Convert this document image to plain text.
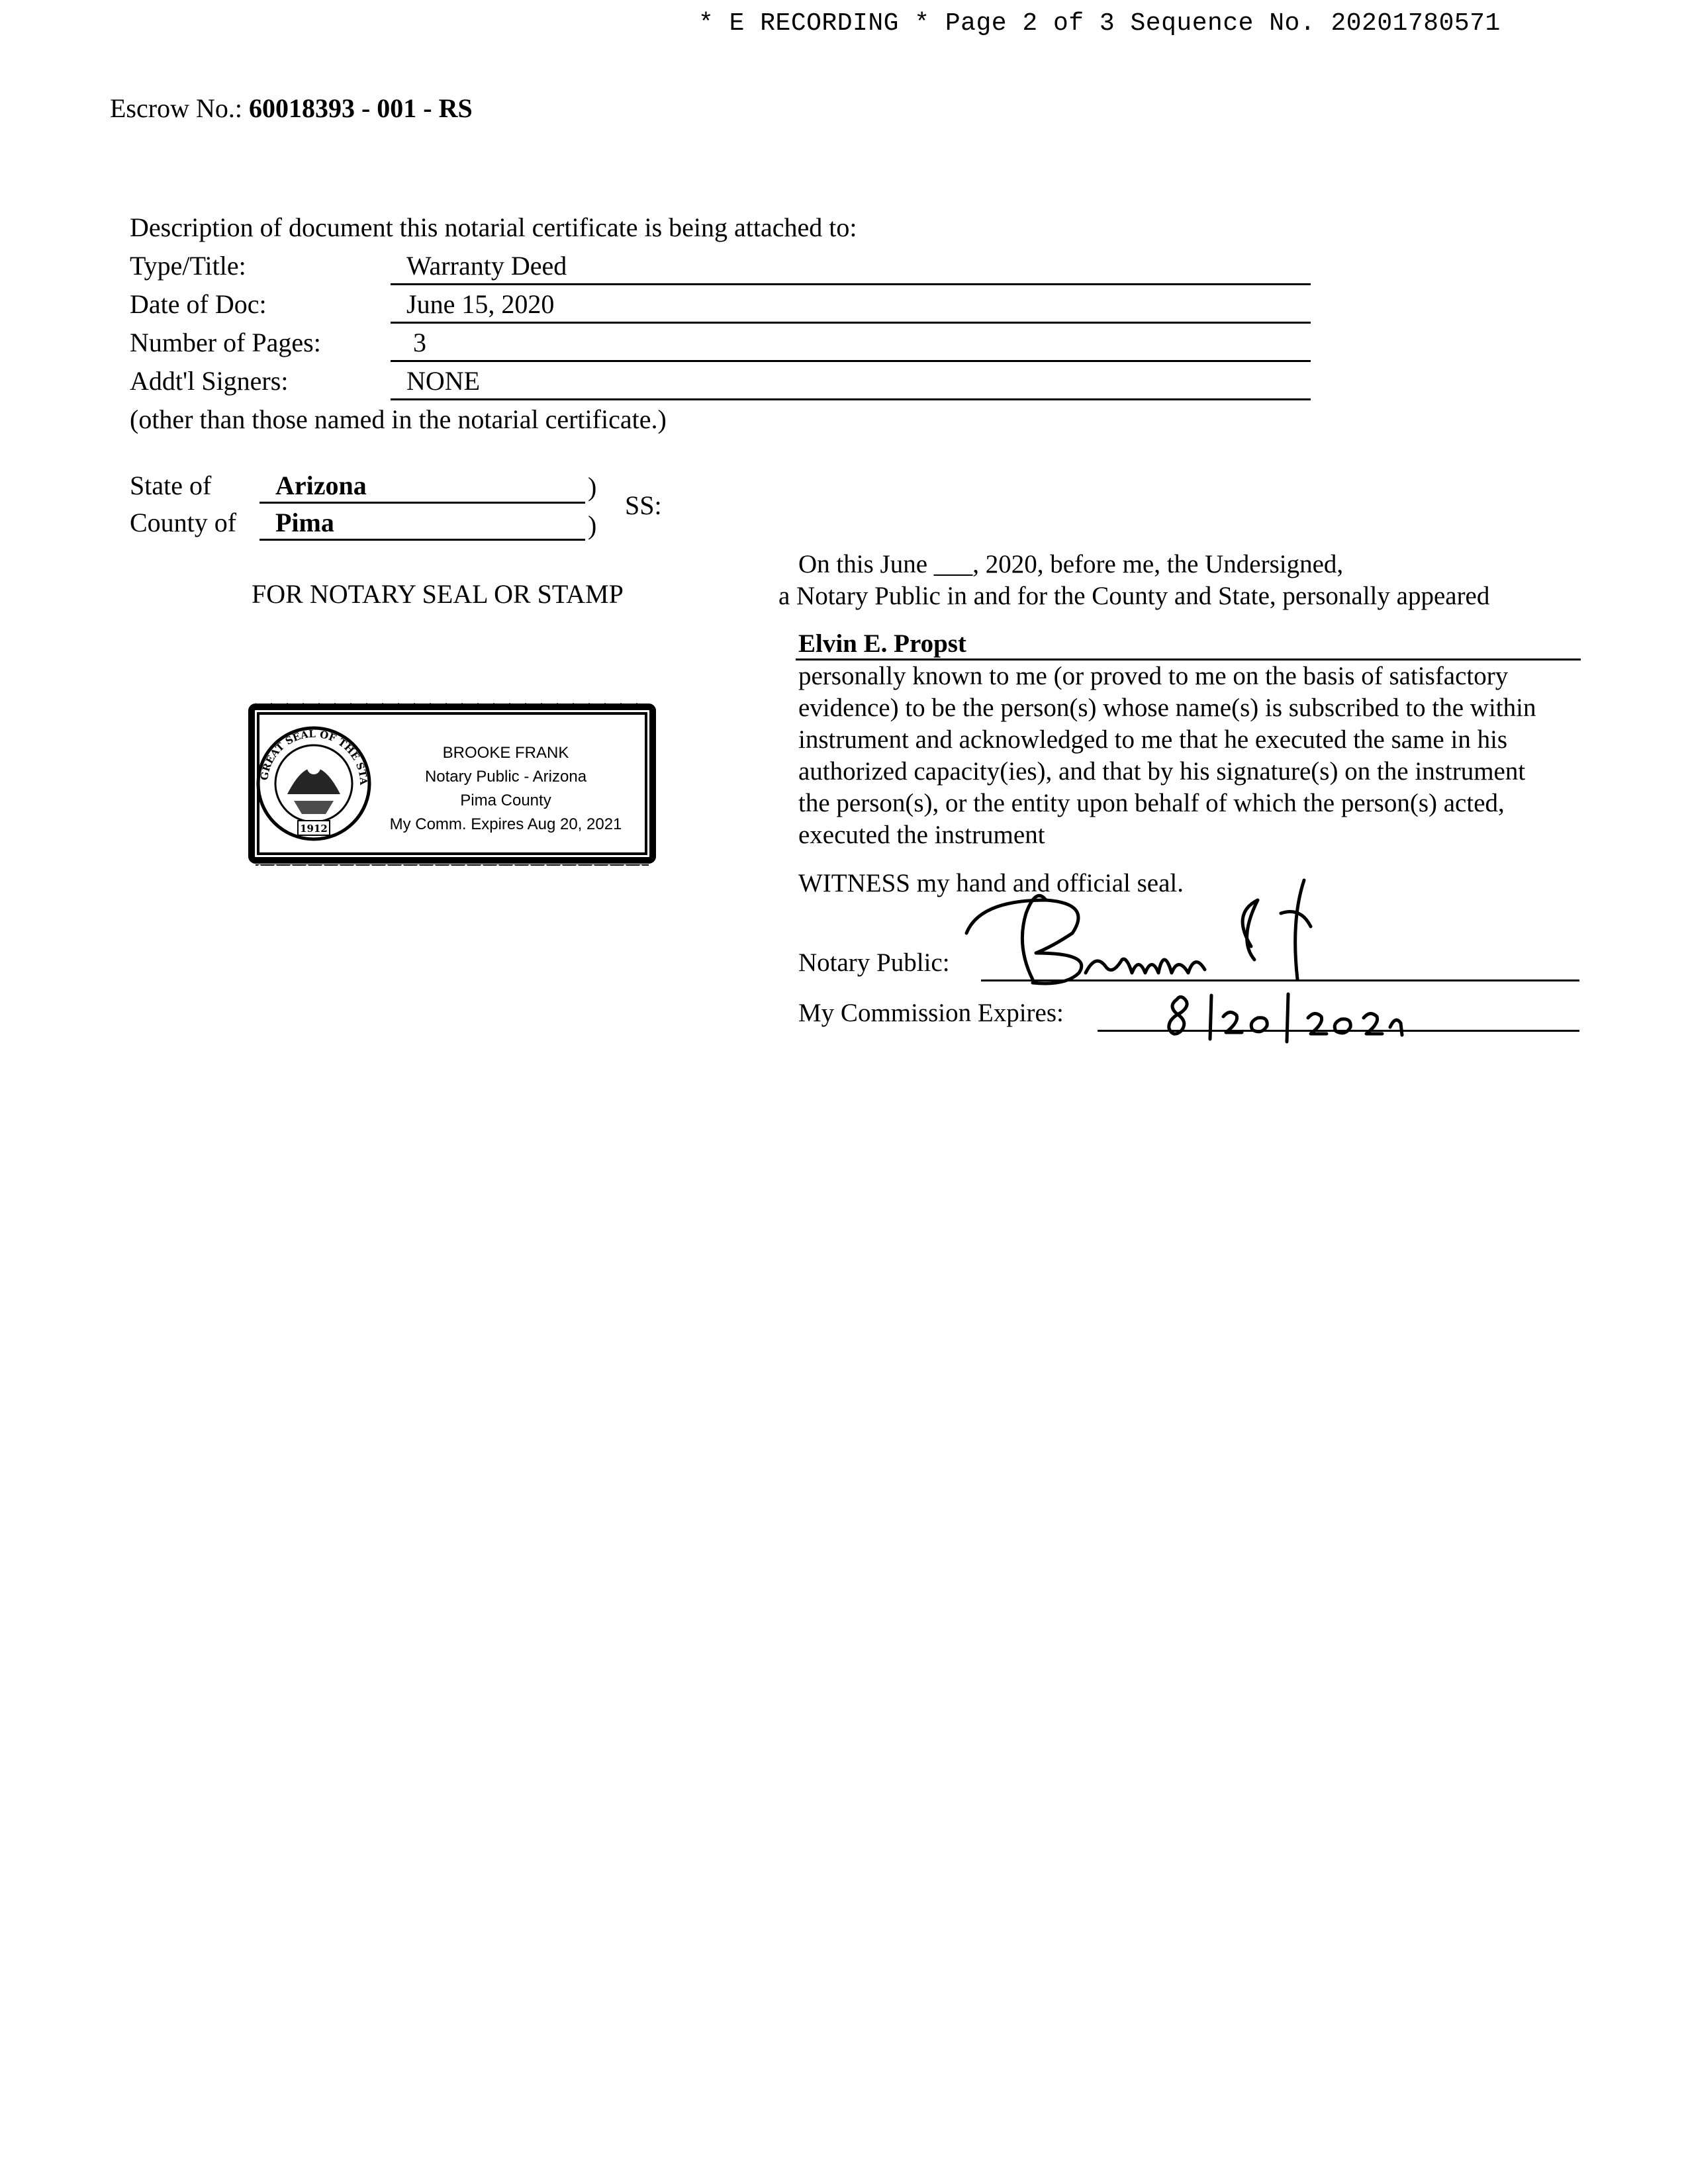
* E RECORDING * Page 2 of 3 Sequence No. 20201780571
Escrow No.: 60018393 - 001 - RS
Description of document this notarial certificate is being attached to:
Type/Title:	Warranty Deed
Date of Doc:	June 15, 2020
Number of Pages:	3
Addt'l Signers:	NONE
(other than those named in the notarial certificate.)
State of Arizona	)
County of Pima	)
SS:
FOR NOTARY SEAL OR STAMP
GREAT SEAL OF THE STA
1912
BROOKE FRANK
Notary Public - Arizona
Pima County
My Comm. Expires Aug 20, 2021
On this June ___, 2020, before me, the Undersigned,
a Notary Public in and for the County and State, personally appeared
Elvin E. Propst
personally known to me (or proved to me on the basis of satisfactory
evidence) to be the person(s) whose name(s) is subscribed to the within
instrument and acknowledged to me that he executed the same in his
authorized capacity(ies), and that by his signature(s) on the instrument
the person(s), or the entity upon behalf of which the person(s) acted,
executed the instrument
WITNESS my hand and official seal.
Notary Public:
My Commission Expires:
